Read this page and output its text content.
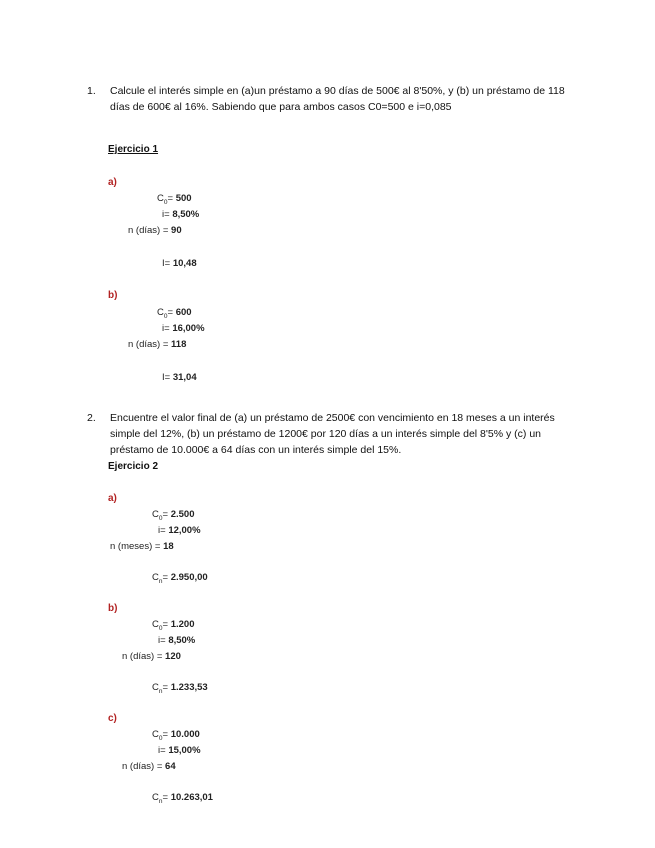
1. Calcule el interés simple en (a)un préstamo a 90 días de 500€ al 8'50%, y (b) un préstamo de 118 días de 600€ al 16%. Sabiendo que para ambos casos C0=500 e i=0,085
Ejercicio 1
a)
$C_0= 500$
i= 8,50%
n (días) = 90
I= 10,48
b)
$C_0= 600$
i= 16,00%
n (días) = 118
I= 31,04
2. Encuentre el valor final de (a) un préstamo de 2500€ con vencimiento en 18 meses a un interés simple del 12%, (b) un préstamo de 1200€ por 120 días a un interés simple del 8'5% y (c) un préstamo de 10.000€ a 64 días con un interés simple del 15%.
Ejercicio 2
a)
$C_0= 2.500$
i= 12,00%
n (meses) = 18
$C_n= 2.950,00$
b)
$C_0= 1.200$
i= 8,50%
n (días) = 120
$C_n= 1.233,53$
c)
$C_0= 10.000$
i= 15,00%
n (días) = 64
$C_n= 10.263,01$
